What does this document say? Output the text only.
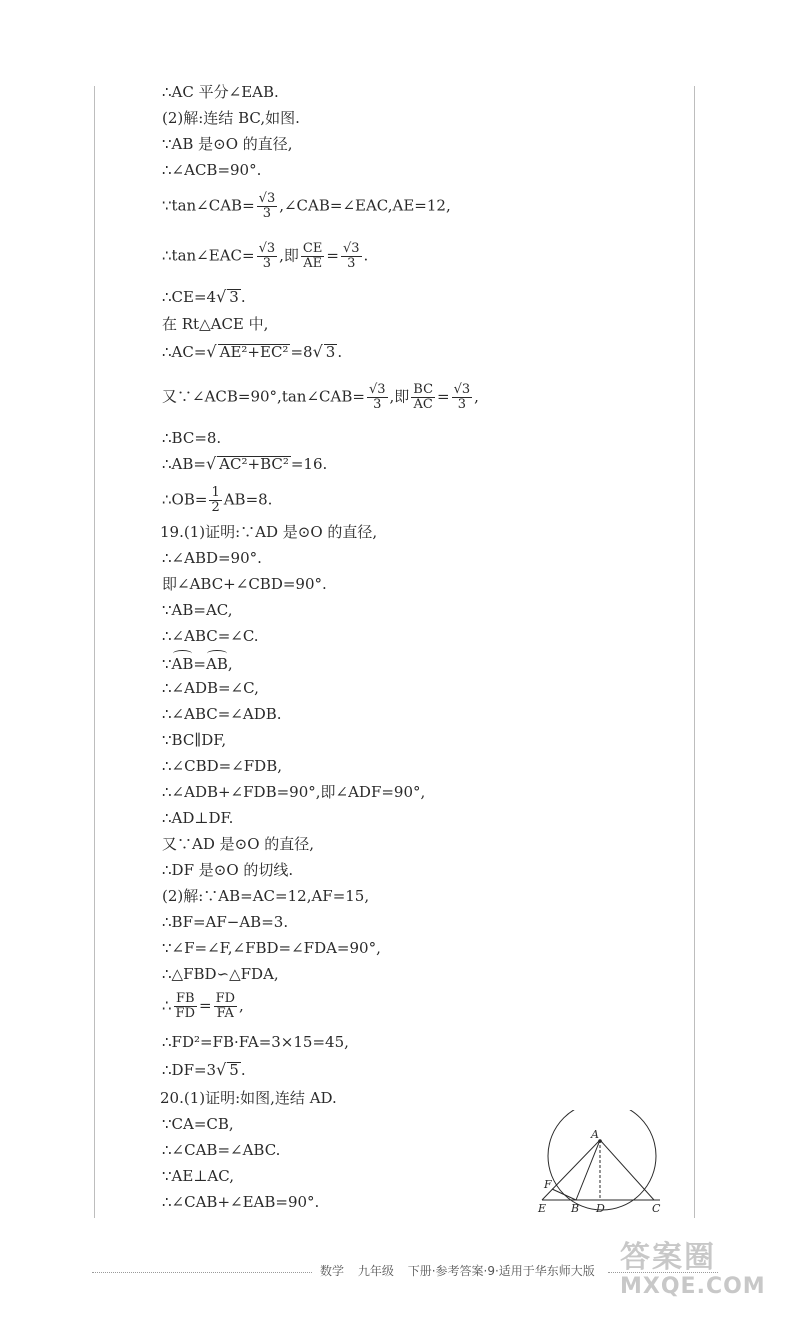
∴AC 平分∠EAB.

(2)解:连结 BC,如图.

∵AB 是⊙O 的直径,

∴∠ACB=90°.

∵tan∠CAB= $\frac{√3}{3}$ ,∠CAB=∠EAC,AE=12,

∴tan∠EAC= $\frac{√3}{3}$ ,即 $\frac{CE}{AE} = \frac{√3}{3}$ .

∴CE=4√ 3 .

在 Rt△ACE 中,

∴AC=√ AE²+EC² =8√ 3 .

又∵∠ACB=90°,tan∠CAB= $\frac{√3}{3}$ ,即 $\frac{BC}{AC} = \frac{√3}{3}$ ,

∴BC=8.

∴AB=√ AC²+BC² =16.

∴OB= $\frac{1}{2} AB=8$.

19.(1)证明:∵AD 是⊙O 的直径,

∴∠ABD=90°.

即∠ABC+∠CBD=90°.

∵AB=AC,

∴∠ABC=∠C.

∵AB=AB,

∴∠ADB=∠C,

∴∠ABC=∠ADB.

∵BC∥DF,

∴∠CBD=∠FDB,

∴∠ADB+∠FDB=90°,即∠ADF=90°,

∴AD⊥DF.

又∵AD 是⊙O 的直径,

∴DF 是⊙O 的切线.

(2)解:∵AB=AC=12,AF=15,

∴BF=AF−AB=3.

∵∠F=∠F,∠FBD=∠FDA=90°,

∴△FBD∽△FDA,

∴ $\frac{FB}{FD} = \frac{FD}{FA}$ ,

∴FD²=FB·FA=3×15=45,

∴DF=3√ 5 .

20.(1)证明:如图,连结 AD.

∵CA=CB,

∴∠CAB=∠ABC.

∵AE⊥AC,

∴∠CAB+∠EAB=90°.

A
F
E B D	C
数学 九年级 下册·参考答案·9·适用于华东师大版 答案圈
MXQE.COM
